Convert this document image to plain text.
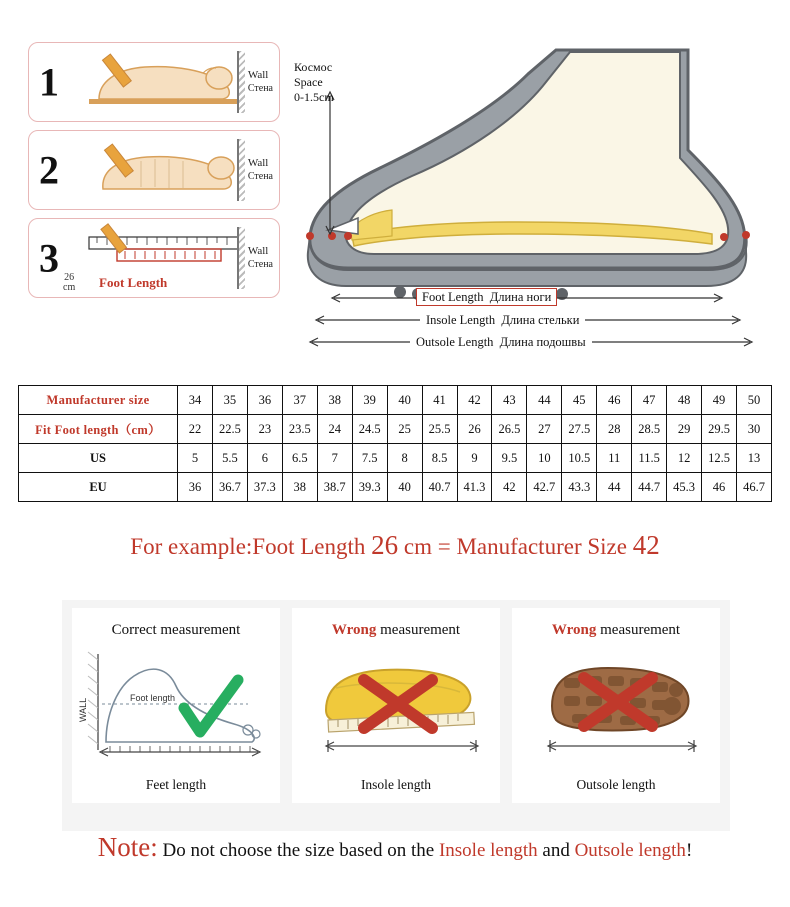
1	Wall
Стена
2	Wall
Стена
3 26
cm Foot Length
Wall
Стена
Космос
Space
0-1.5cm
Foot Length Длина ноги
Insole Length Длина стельки
Outsole Length Длина подошвы
Manufacturer size	34	35	36	37	38	39	40	41	42	43	44	45	46	47	48	49	50
Fit Foot length（cm）	22	22.5	23	23.5	24	24.5	25	25.5	26	26.5	27	27.5	28	28.5	29	29.5	30
US	5	5.5	6	6.5	7	7.5	8	8.5	9	9.5	10	10.5	11	11.5	12	12.5	13
EU	36	36.7	37.3	38	38.7	39.3	40	40.7	41.3	42	42.7	43.3	44	44.7	45.3	46	46.7
For example:Foot Length 26 cm = Manufacturer Size 42
Correct measurement
Foot length
WALL
Feet length
Wrong measurement
Insole length
Wrong measurement
Outsole length
Note: Do not choose the size based on the Insole length and Outsole length!
